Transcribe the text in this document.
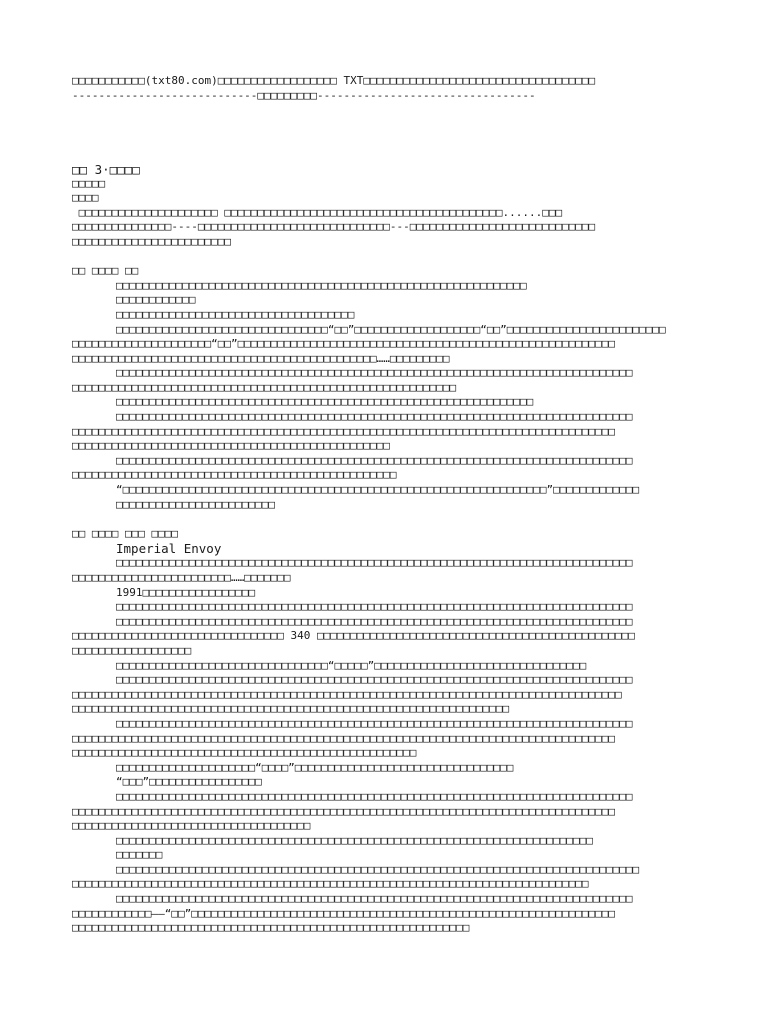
□□□□□□□□□□□(txt80.com)□□□□□□□□□□□□□□□□□□ TXT□□□□□□□□□□□□□□□□□□□□□□□□□□□□□□□□□□□

----------------------------□□□□□□□□□---------------------------------

□□ 3·□□□□

□□□□□

□□□□

□□□□□□□□□□□□□□□□□□□□□ □□□□□□□□□□□□□□□□□□□□□□□□□□□□□□□□□□□□□□□□□□......□□□

□□□□□□□□□□□□□□□----□□□□□□□□□□□□□□□□□□□□□□□□□□□□□---□□□□□□□□□□□□□□□□□□□□□□□□□□□□

□□□□□□□□□□□□□□□□□□□□□□□□

□□ □□□□ □□

□□□□□□□□□□□□□□□□□□□□□□□□□□□□□□□□□□□□□□□□□□□□□□□□□□□□□□□□□□□□□□

□□□□□□□□□□□□

□□□□□□□□□□□□□□□□□□□□□□□□□□□□□□□□□□□□

□□□□□□□□□□□□□□□□□□□□□□□□□□□□□□□□“□□”□□□□□□□□□□□□□□□□□□□“□□”□□□□□□□□□□□□□□□□□□□□□□□□

□□□□□□□□□□□□□□□□□□□□□“□□”□□□□□□□□□□□□□□□□□□□□□□□□□□□□□□□□□□□□□□□□□□□□□□□□□□□□□□□□□

□□□□□□□□□□□□□□□□□□□□□□□□□□□□□□□□□□□□□□□□□□□□□□……□□□□□□□□□

□□□□□□□□□□□□□□□□□□□□□□□□□□□□□□□□□□□□□□□□□□□□□□□□□□□□□□□□□□□□□□□□□□□□□□□□□□□□□□

□□□□□□□□□□□□□□□□□□□□□□□□□□□□□□□□□□□□□□□□□□□□□□□□□□□□□□□□□□

□□□□□□□□□□□□□□□□□□□□□□□□□□□□□□□□□□□□□□□□□□□□□□□□□□□□□□□□□□□□□□□

□□□□□□□□□□□□□□□□□□□□□□□□□□□□□□□□□□□□□□□□□□□□□□□□□□□□□□□□□□□□□□□□□□□□□□□□□□□□□□

□□□□□□□□□□□□□□□□□□□□□□□□□□□□□□□□□□□□□□□□□□□□□□□□□□□□□□□□□□□□□□□□□□□□□□□□□□□□□□□□□□

□□□□□□□□□□□□□□□□□□□□□□□□□□□□□□□□□□□□□□□□□□□□□□□□

□□□□□□□□□□□□□□□□□□□□□□□□□□□□□□□□□□□□□□□□□□□□□□□□□□□□□□□□□□□□□□□□□□□□□□□□□□□□□□

□□□□□□□□□□□□□□□□□□□□□□□□□□□□□□□□□□□□□□□□□□□□□□□□□

“□□□□□□□□□□□□□□□□□□□□□□□□□□□□□□□□□□□□□□□□□□□□□□□□□□□□□□□□□□□□□□□□”□□□□□□□□□□□□□

□□□□□□□□□□□□□□□□□□□□□□□□

□□ □□□□ □□□ □□□□

Imperial Envoy

□□□□□□□□□□□□□□□□□□□□□□□□□□□□□□□□□□□□□□□□□□□□□□□□□□□□□□□□□□□□□□□□□□□□□□□□□□□□□□

□□□□□□□□□□□□□□□□□□□□□□□□……□□□□□□□

1991□□□□□□□□□□□□□□□□□

□□□□□□□□□□□□□□□□□□□□□□□□□□□□□□□□□□□□□□□□□□□□□□□□□□□□□□□□□□□□□□□□□□□□□□□□□□□□□□

□□□□□□□□□□□□□□□□□□□□□□□□□□□□□□□□□□□□□□□□□□□□□□□□□□□□□□□□□□□□□□□□□□□□□□□□□□□□□□

□□□□□□□□□□□□□□□□□□□□□□□□□□□□□□□□ 340 □□□□□□□□□□□□□□□□□□□□□□□□□□□□□□□□□□□□□□□□□□□□□□□□

□□□□□□□□□□□□□□□□□□

□□□□□□□□□□□□□□□□□□□□□□□□□□□□□□□□“□□□□□”□□□□□□□□□□□□□□□□□□□□□□□□□□□□□□□□

□□□□□□□□□□□□□□□□□□□□□□□□□□□□□□□□□□□□□□□□□□□□□□□□□□□□□□□□□□□□□□□□□□□□□□□□□□□□□□

□□□□□□□□□□□□□□□□□□□□□□□□□□□□□□□□□□□□□□□□□□□□□□□□□□□□□□□□□□□□□□□□□□□□□□□□□□□□□□□□□□□

□□□□□□□□□□□□□□□□□□□□□□□□□□□□□□□□□□□□□□□□□□□□□□□□□□□□□□□□□□□□□□□□□□

□□□□□□□□□□□□□□□□□□□□□□□□□□□□□□□□□□□□□□□□□□□□□□□□□□□□□□□□□□□□□□□□□□□□□□□□□□□□□□

□□□□□□□□□□□□□□□□□□□□□□□□□□□□□□□□□□□□□□□□□□□□□□□□□□□□□□□□□□□□□□□□□□□□□□□□□□□□□□□□□□

□□□□□□□□□□□□□□□□□□□□□□□□□□□□□□□□□□□□□□□□□□□□□□□□□□□□

□□□□□□□□□□□□□□□□□□□□□“□□□□”□□□□□□□□□□□□□□□□□□□□□□□□□□□□□□□□□

“□□□”□□□□□□□□□□□□□□□□□

□□□□□□□□□□□□□□□□□□□□□□□□□□□□□□□□□□□□□□□□□□□□□□□□□□□□□□□□□□□□□□□□□□□□□□□□□□□□□□

□□□□□□□□□□□□□□□□□□□□□□□□□□□□□□□□□□□□□□□□□□□□□□□□□□□□□□□□□□□□□□□□□□□□□□□□□□□□□□□□□□

□□□□□□□□□□□□□□□□□□□□□□□□□□□□□□□□□□□□

□□□□□□□□□□□□□□□□□□□□□□□□□□□□□□□□□□□□□□□□□□□□□□□□□□□□□□□□□□□□□□□□□□□□□□□□

□□□□□□□

□□□□□□□□□□□□□□□□□□□□□□□□□□□□□□□□□□□□□□□□□□□□□□□□□□□□□□□□□□□□□□□□□□□□□□□□□□□□□□□

□□□□□□□□□□□□□□□□□□□□□□□□□□□□□□□□□□□□□□□□□□□□□□□□□□□□□□□□□□□□□□□□□□□□□□□□□□□□□□

□□□□□□□□□□□□□□□□□□□□□□□□□□□□□□□□□□□□□□□□□□□□□□□□□□□□□□□□□□□□□□□□□□□□□□□□□□□□□□

□□□□□□□□□□□□——“□□”□□□□□□□□□□□□□□□□□□□□□□□□□□□□□□□□□□□□□□□□□□□□□□□□□□□□□□□□□□□□□□□□

□□□□□□□□□□□□□□□□□□□□□□□□□□□□□□□□□□□□□□□□□□□□□□□□□□□□□□□□□□□□
